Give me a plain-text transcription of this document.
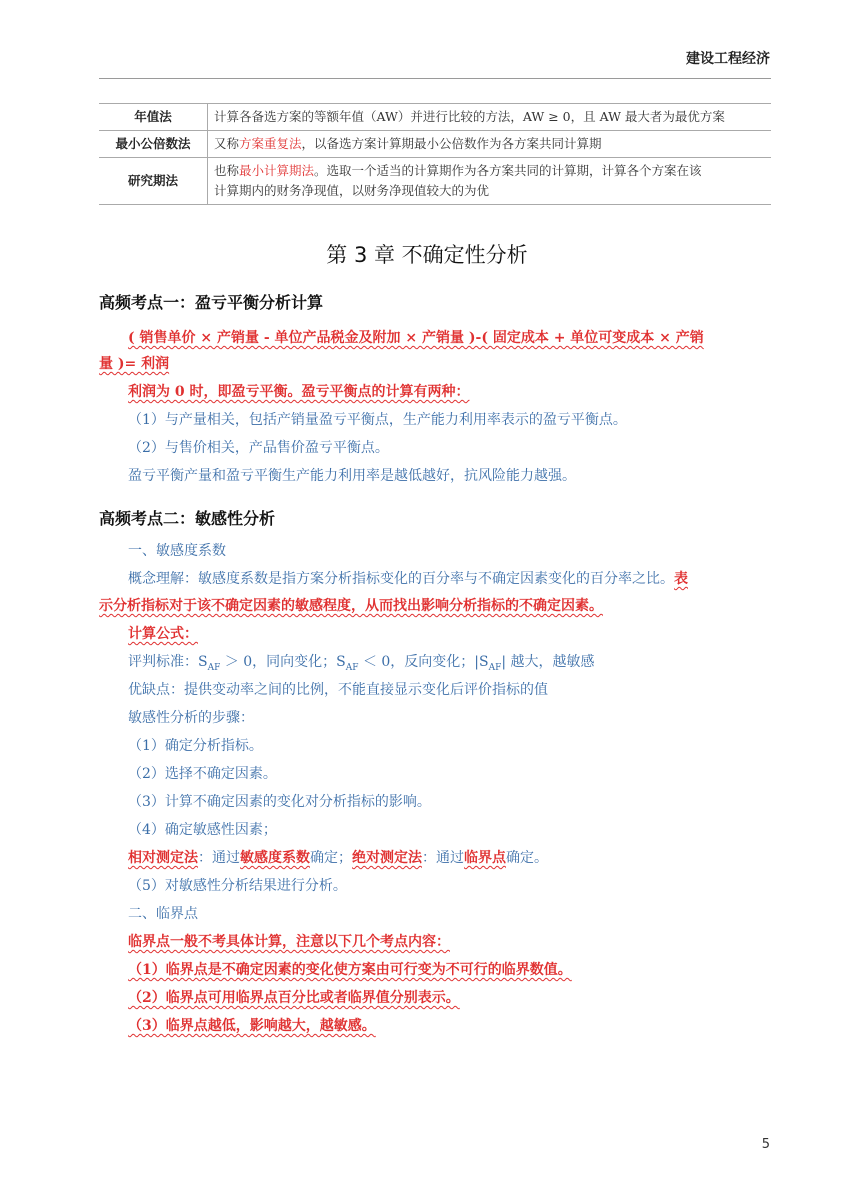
建设工程经济
年值法	计算各备选方案的等额年值（AW）并进行比较的方法，AW ≥ 0，且 AW 最大者为最优方案
最小公倍数法	又称方案重复法，以备选方案计算期最小公倍数作为各方案共同计算期
研究期法	也称最小计算期法。选取一个适当的计算期作为各方案共同的计算期，计算各个方案在该
计算期内的财务净现值，以财务净现值较大的为优
第 3 章 不确定性分析
高频考点一：盈亏平衡分析计算
( 销售单价 × 产销量 - 单位产品税金及附加 × 产销量 )-( 固定成本 + 单位可变成本 × 产销
量 )= 利润
利润为 0 时，即盈亏平衡。盈亏平衡点的计算有两种：
（1）与产量相关，包括产销量盈亏平衡点，生产能力利用率表示的盈亏平衡点。
（2）与售价相关，产品售价盈亏平衡点。
盈亏平衡产量和盈亏平衡生产能力利用率是越低越好，抗风险能力越强。
高频考点二：敏感性分析
一、敏感度系数
概念理解：敏感度系数是指方案分析指标变化的百分率与不确定因素变化的百分率之比。表
示分析指标对于该不确定因素的敏感程度，从而找出影响分析指标的不确定因素。
计算公式：
评判标准：$S_{AF} > 0$，同向变化；$S_{AF} < 0$，反向变化；$|S_{AF}|$ 越大，越敏感
优缺点：提供变动率之间的比例，不能直接显示变化后评价指标的值
敏感性分析的步骤：
（1）确定分析指标。
（2）选择不确定因素。
（3）计算不确定因素的变化对分析指标的影响。
（4）确定敏感性因素；
相对测定法：通过敏感度系数确定；绝对测定法：通过临界点确定。
（5）对敏感性分析结果进行分析。
二、临界点
临界点一般不考具体计算，注意以下几个考点内容：
（1）临界点是不确定因素的变化使方案由可行变为不可行的临界数值。
（2）临界点可用临界点百分比或者临界值分别表示。
（3）临界点越低，影响越大，越敏感。
5
